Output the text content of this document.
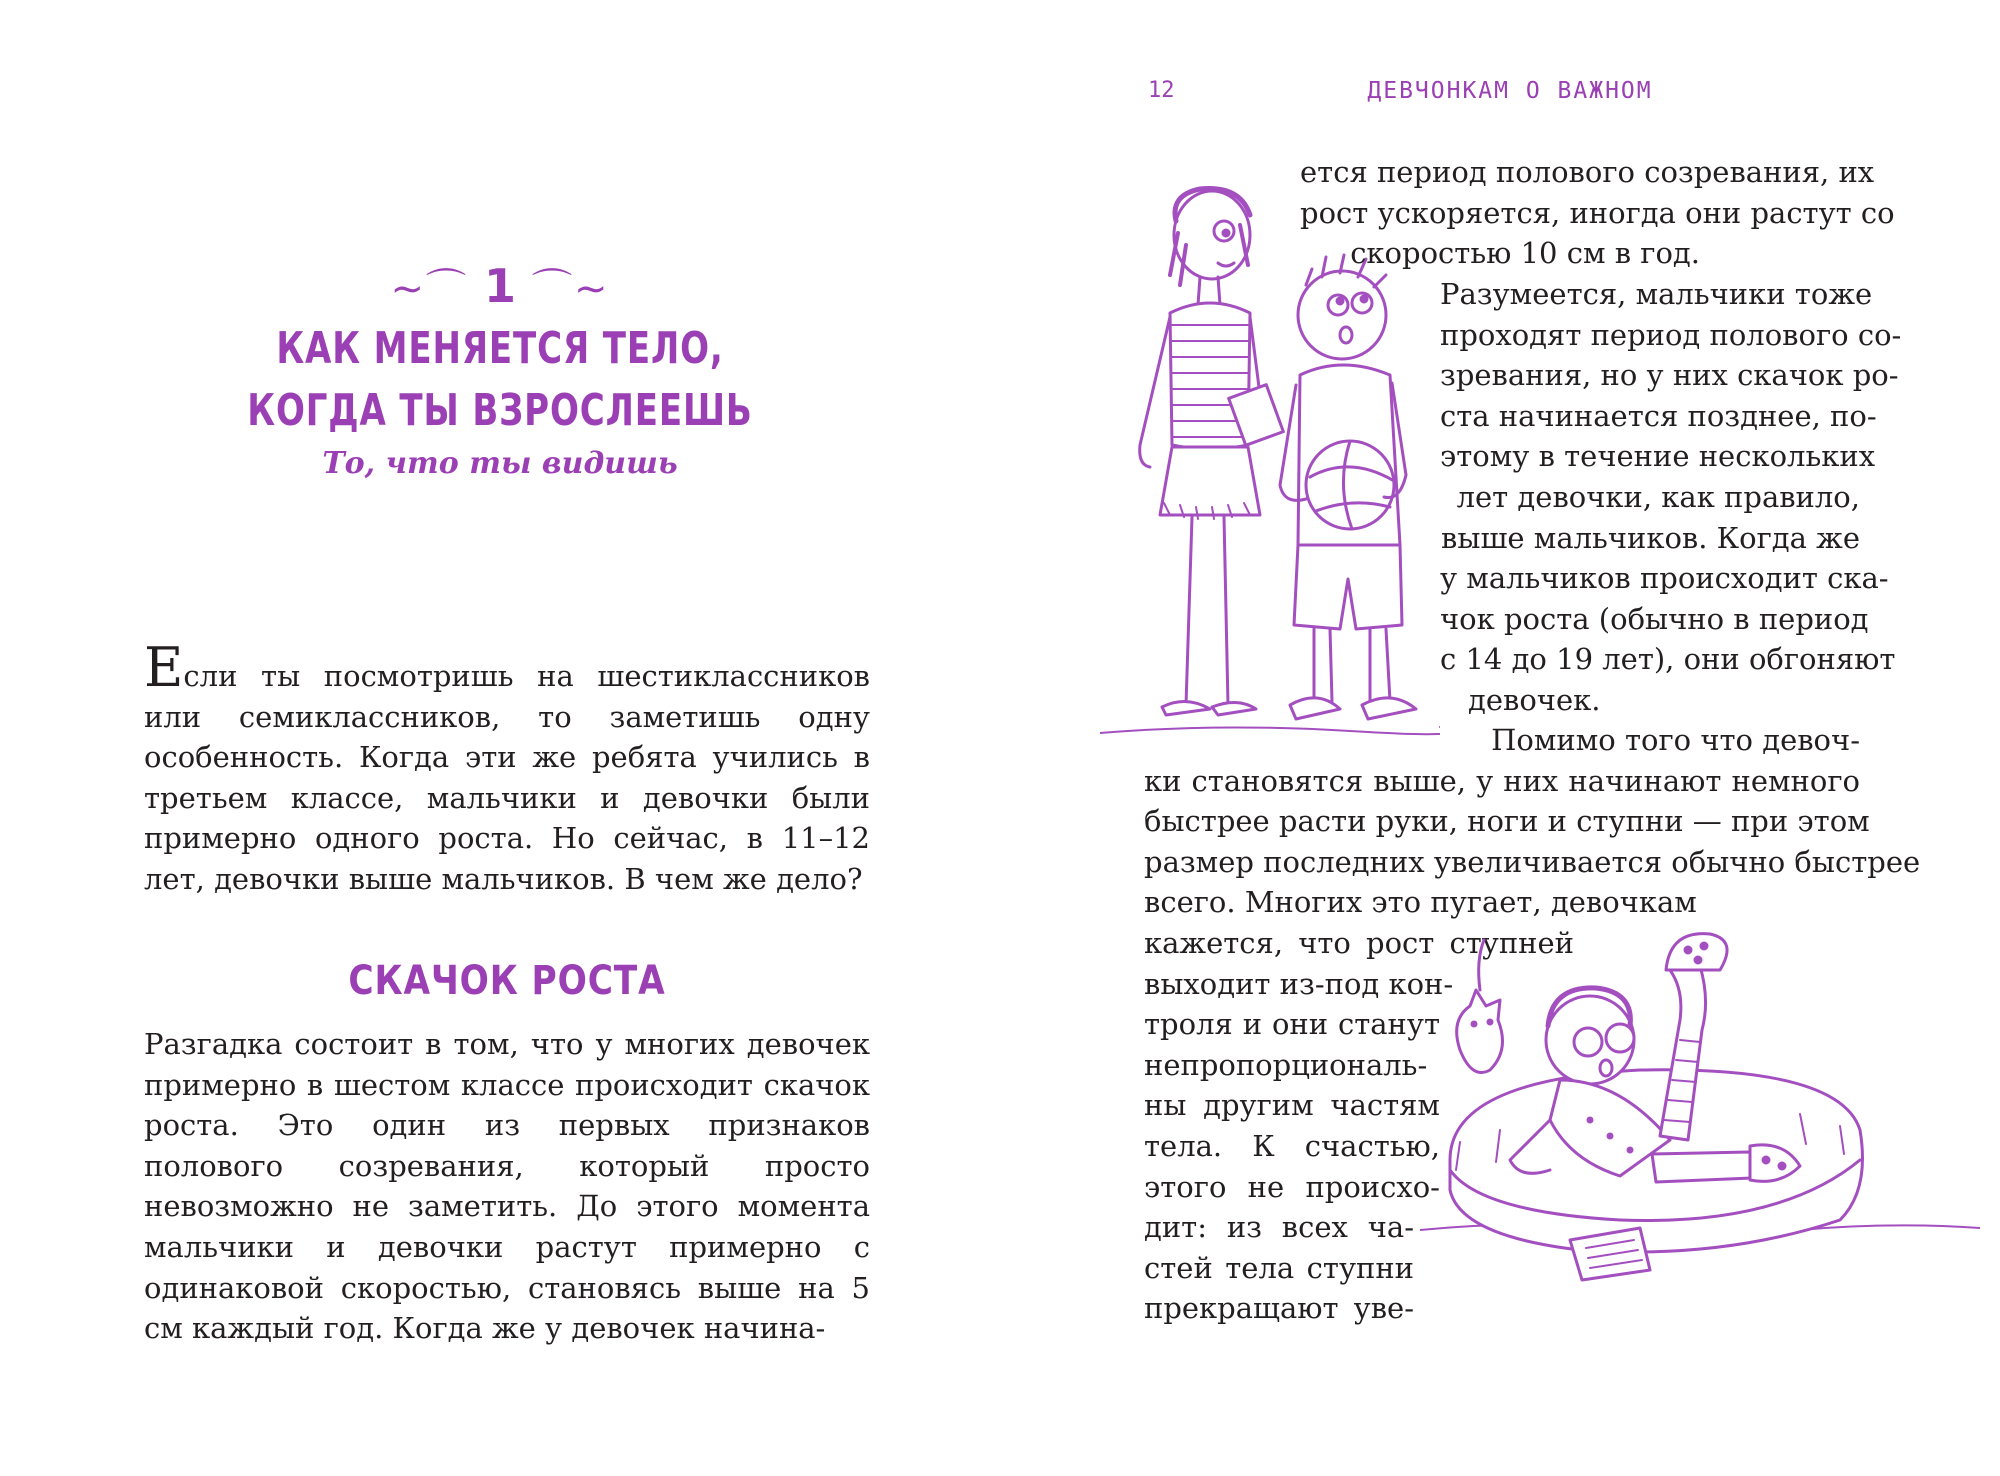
∼⌒ 1 ⌒∼
КАК МЕНЯЕТСЯ ТЕЛО,
КОГДА ТЫ ВЗРОСЛЕЕШЬ
То, что ты видишь

Если ты посмотришь на шестиклассников или семиклассников, то заметишь одну особенность. Когда эти же ребята учились в третьем классе, мальчики и девочки были примерно одного роста. Но сейчас, в 11–12 лет, девочки выше мальчиков. В чем же дело?

СКАЧОК РОСТА

Разгадка состоит в том, что у многих девочек примерно в шестом классе происходит скачок роста. Это один из первых признаков полового созревания, который просто невозможно не заметить. До этого момента мальчики и девочки растут примерно с одинаковой скоростью, становясь выше на 5 см каждый год. Когда же у девочек начина-

12	ДЕВЧОНКАМ О ВАЖНОМ
ется период полового созревания, их
рост ускоряется, иногда они растут со
скоростью 10 см в год.
Разумеется, мальчики тоже
проходят период полового со-
зревания, но у них скачок ро-
ста начинается позднее, по-
этому в течение нескольких
лет девочки, как правило,
выше мальчиков. Когда же
у мальчиков происходит ска-
чок роста (обычно в период
с 14 до 19 лет), они обгоняют
девочек.
Помимо того что девоч-
ки становятся выше, у них начинают немного
быстрее расти руки, ноги и ступни — при этом
размер последних увеличивается обычно быстрее
всего. Многих это пугает, девочкам
кажется, что рост ступней
выходит из-под кон-
троля и они станут
непропорциональ-
ны другим частям
тела. К счастью,
этого не происхо-
дит: из всех ча-
стей тела ступни
прекращают уве-
